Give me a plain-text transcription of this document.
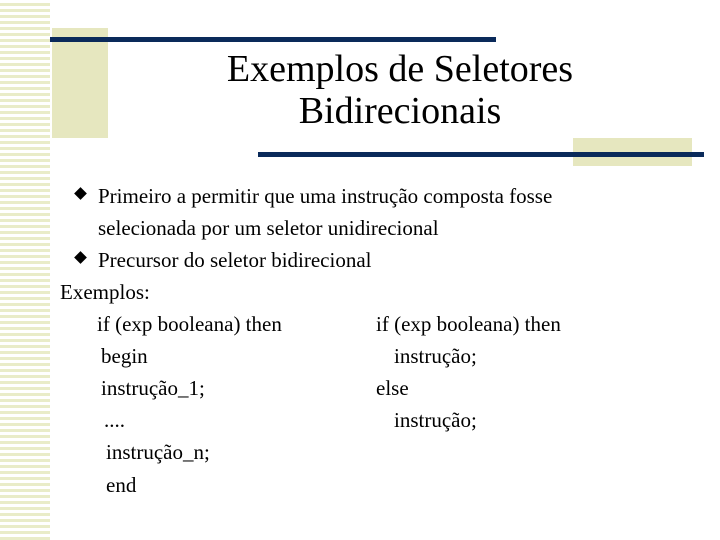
Exemplos de Seletores
Bidirecionais
Primeiro a permitir que uma instrução composta fosse
selecionada por um seletor unidirecional
Precursor do seletor bidirecional
Exemplos:
if (exp booleana) then	if (exp booleana) then
begin	instrução;
instrução_1;	else
....	instrução;
instrução_n;
end
